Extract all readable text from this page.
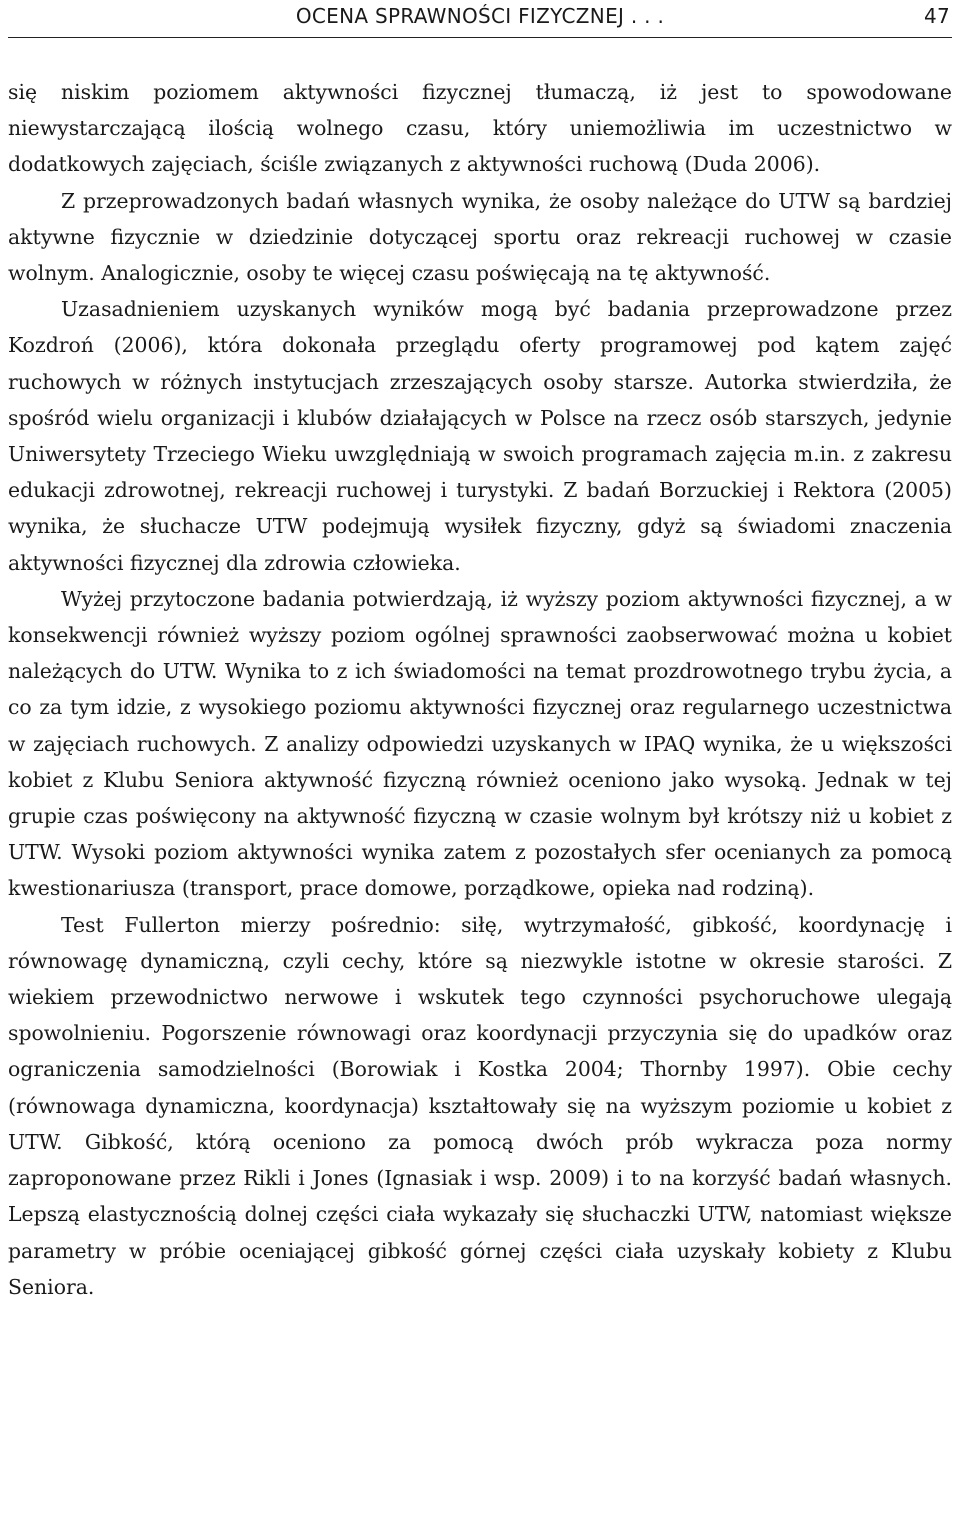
OCENA SPRAWNOŚCI FIZYCZNEJ . . .	47

się niskim poziomem aktywności fizycznej tłumaczą, iż jest to spowodowane niewystarczającą ilością wolnego czasu, który uniemożliwia im uczestnictwo w dodatkowych zajęciach, ściśle związanych z aktywności ruchową (Duda 2006).

Z przeprowadzonych badań własnych wynika, że osoby należące do UTW są bardziej aktywne fizycznie w dziedzinie dotyczącej sportu oraz rekreacji ruchowej w czasie wolnym. Analogicznie, osoby te więcej czasu poświęcają na tę aktywność.

Uzasadnieniem uzyskanych wyników mogą być badania przeprowadzone przez Kozdroń (2006), która dokonała przeglądu oferty programowej pod kątem zajęć ruchowych w różnych instytucjach zrzeszających osoby starsze. Autorka stwierdziła, że spośród wielu organizacji i klubów działających w Polsce na rzecz osób starszych, jedynie Uniwersytety Trzeciego Wieku uwzględniają w swoich programach zajęcia m.in. z zakresu edukacji zdrowotnej, rekreacji ruchowej i turystyki. Z badań Borzuckiej i Rektora (2005) wynika, że słuchacze UTW podejmują wysiłek fizyczny, gdyż są świadomi znaczenia aktywności fizycznej dla zdrowia człowieka.

Wyżej przytoczone badania potwierdzają, iż wyższy poziom aktywności fizycznej, a w konsekwencji również wyższy poziom ogólnej sprawności zaobserwować można u kobiet należących do UTW. Wynika to z ich świadomości na temat prozdrowotnego trybu życia, a co za tym idzie, z wysokiego poziomu aktywności fizycznej oraz regularnego uczestnictwa w zajęciach ruchowych. Z analizy odpowiedzi uzyskanych w IPAQ wynika, że u większości kobiet z Klubu Seniora aktywność fizyczną również oceniono jako wysoką. Jednak w tej grupie czas poświęcony na aktywność fizyczną w czasie wolnym był krótszy niż u kobiet z UTW. Wysoki poziom aktywności wynika zatem z pozostałych sfer ocenianych za pomocą kwestionariusza (transport, prace domowe, porządkowe, opieka nad rodziną).

Test Fullerton mierzy pośrednio: siłę, wytrzymałość, gibkość, koordynację i równowagę dynamiczną, czyli cechy, które są niezwykle istotne w okresie starości. Z wiekiem przewodnictwo nerwowe i wskutek tego czynności psychoruchowe ulegają spowolnieniu. Pogorszenie równowagi oraz koordynacji przyczynia się do upadków oraz ograniczenia samodzielności (Borowiak i Kostka 2004; Thornby 1997). Obie cechy (równowaga dynamiczna, koordynacja) kształtowały się na wyższym poziomie u kobiet z UTW. Gibkość, którą oceniono za pomocą dwóch prób wykracza poza normy zaproponowane przez Rikli i Jones (Ignasiak i wsp. 2009) i to na korzyść badań własnych. Lepszą elastycznością dolnej części ciała wykazały się słuchaczki UTW, natomiast większe parametry w próbie oceniającej gibkość górnej części ciała uzyskały kobiety z Klubu Seniora.
